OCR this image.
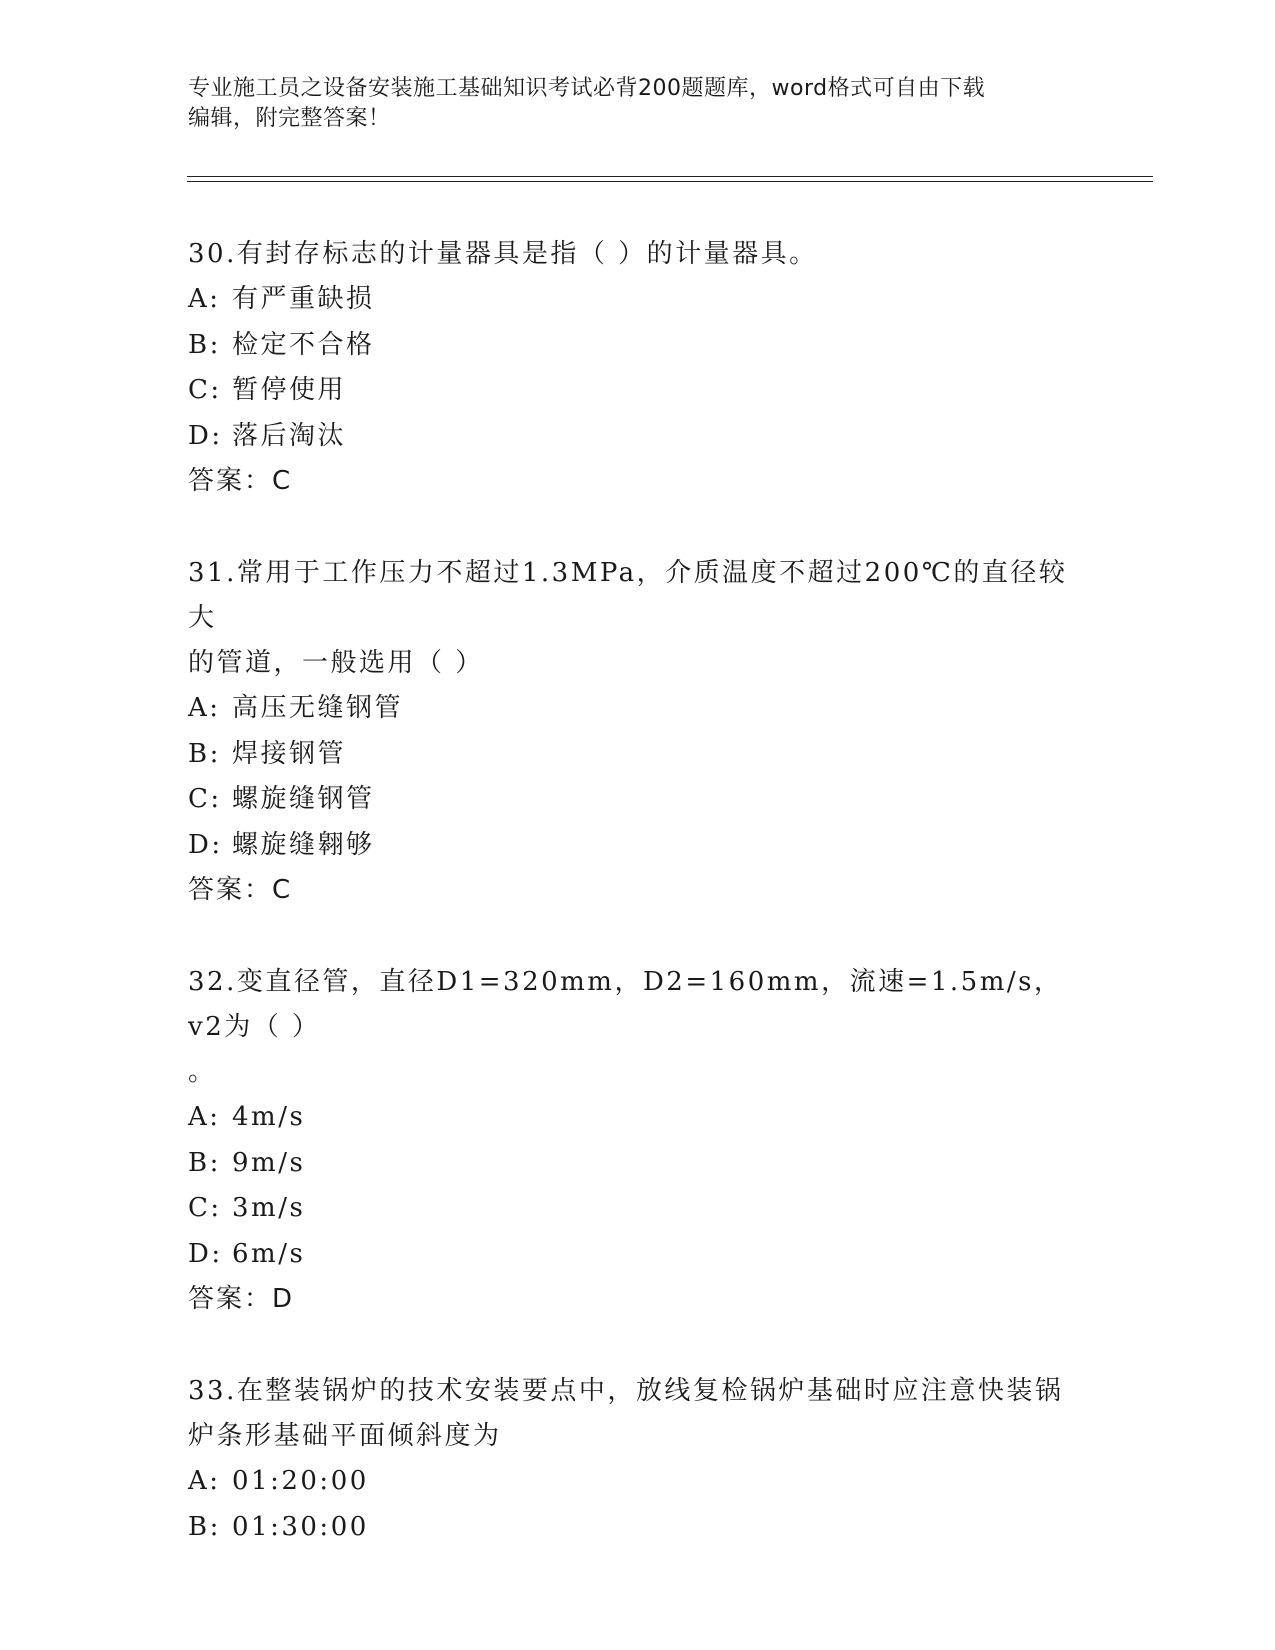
专业施工员之设备安装施工基础知识考试必背200题题库，word格式可自由下载
编辑，附完整答案！

30.有封存标志的计量器具是指（ ）的计量器具。

A: 有严重缺损

B: 检定不合格

C: 暂停使用

D: 落后淘汰

答案：C

31.常用于工作压力不超过1.3MPa，介质温度不超过200℃的直径较大

的管道，一般选用（ ）

A: 高压无缝钢管

B: 焊接钢管

C: 螺旋缝钢管

D: 螺旋缝翱够

答案：C

32.变直径管，直径D1=320mm，D2=160mm，流速=1.5m/s，v2为（ ）

。

A: 4m/s

B: 9m/s

C: 3m/s

D: 6m/s

答案：D

33.在整装锅炉的技术安装要点中，放线复检锅炉基础时应注意快装锅

炉条形基础平面倾斜度为

A: 01:20:00

B: 01:30:00
